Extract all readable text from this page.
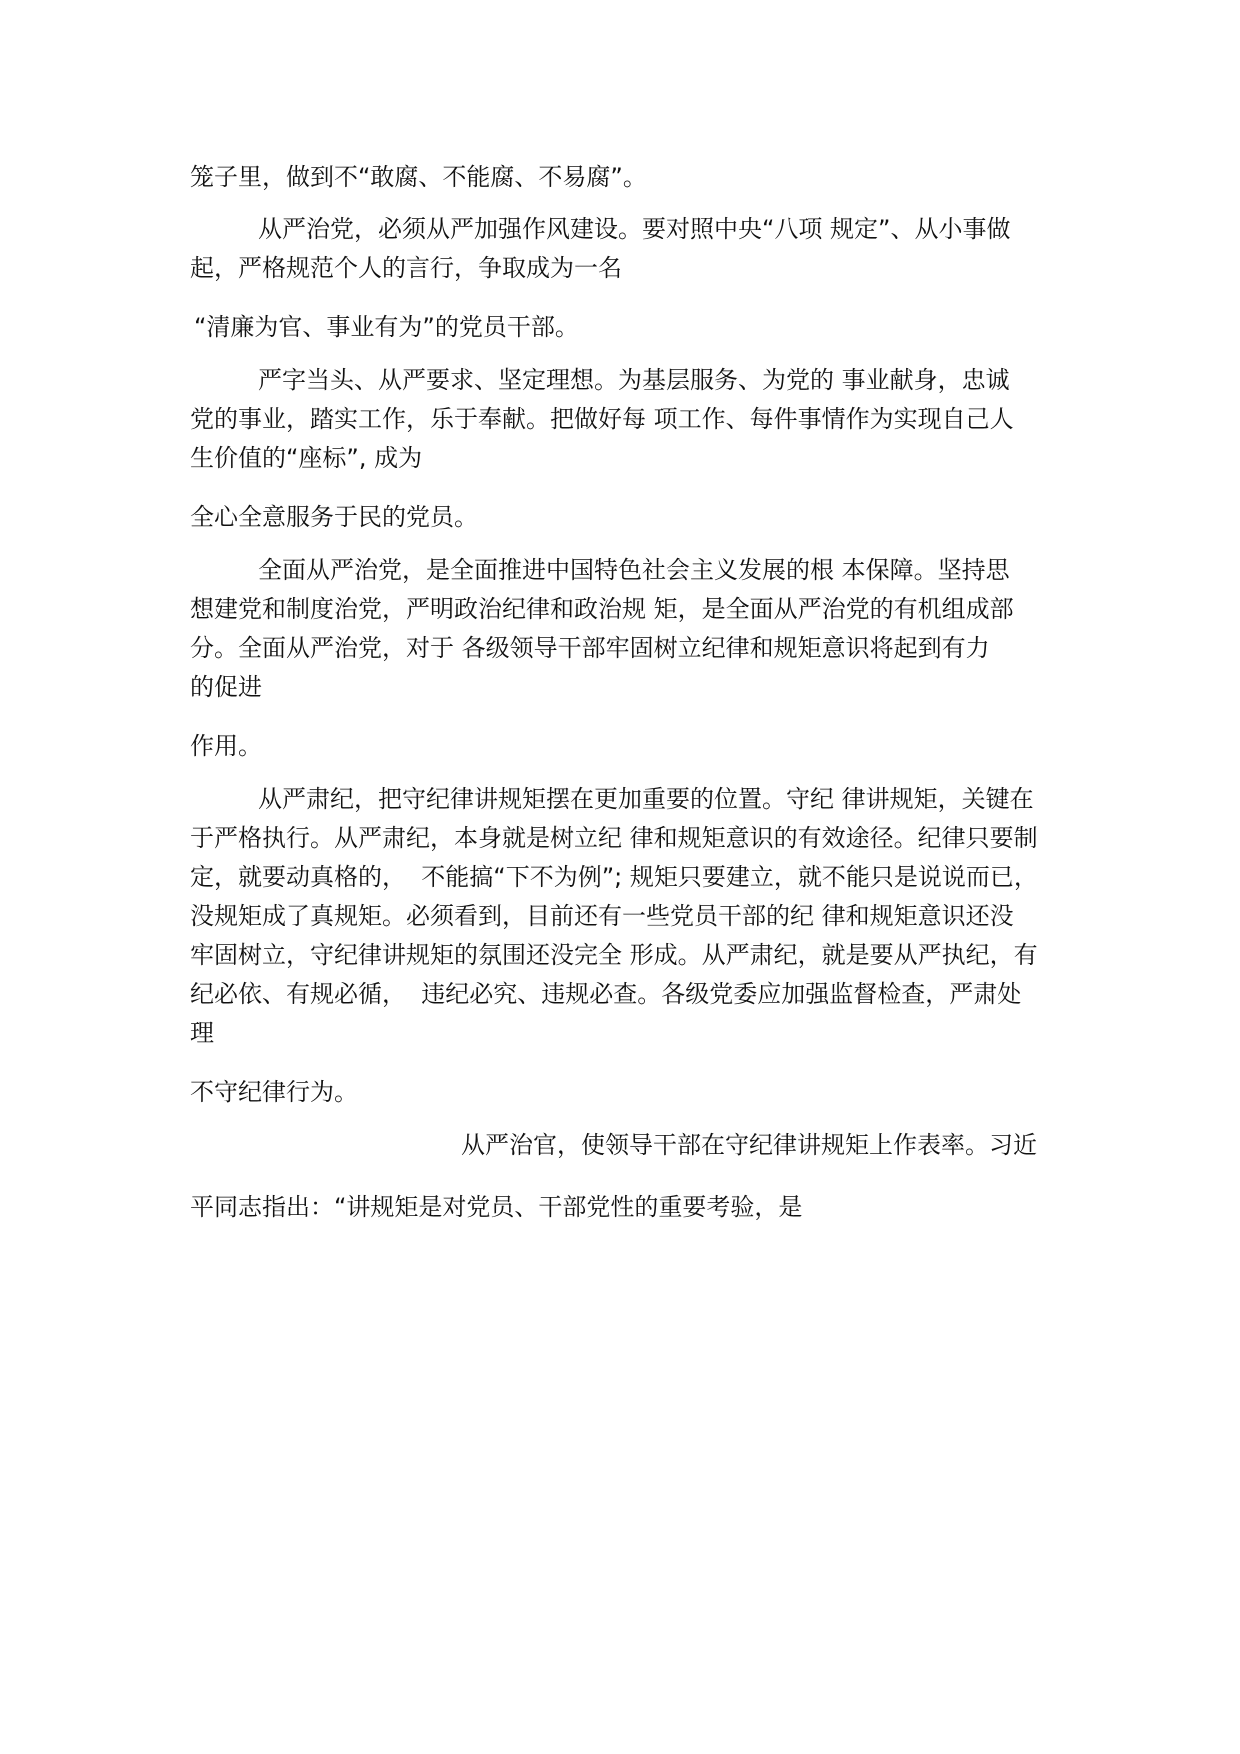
笼子里，做到不“敢腐、不能腐、不易腐”。

从严治党，必须从严加强作风建设。要对照中央“八项 规定”、从小事做

起，严格规范个人的言行，争取成为一名

“清廉为官、事业有为”的党员干部。

严字当头、从严要求、坚定理想。为基层服务、为党的 事业献身，忠诚

党的事业，踏实工作，乐于奉献。把做好每 项工作、每件事情作为实现自己人

生价值的“座标”, 成为

全心全意服务于民的党员。

全面从严治党，是全面推进中国特色社会主义发展的根 本保障。坚持思

想建党和制度治党，严明政治纪律和政治规 矩，是全面从严治党的有机组成部

分。全面从严治党，对于 各级领导干部牢固树立纪律和规矩意识将起到有力

的促进

作用。

从严肃纪，把守纪律讲规矩摆在更加重要的位置。守纪 律讲规矩，关键在

于严格执行。从严肃纪，本身就是树立纪 律和规矩意识的有效途径。纪律只要制

定，就要动真格的，  不能搞“下不为例”; 规矩只要建立，就不能只是说说而已，

没规矩成了真规矩。必须看到，目前还有一些党员干部的纪 律和规矩意识还没

牢固树立，守纪律讲规矩的氛围还没完全 形成。从严肃纪，就是要从严执纪，有

纪必依、有规必循，  违纪必究、违规必查。各级党委应加强监督检查，严肃处

理

不守纪律行为。

从严治官，使领导干部在守纪律讲规矩上作表率。习近

平同志指出：“讲规矩是对党员、干部党性的重要考验，是
